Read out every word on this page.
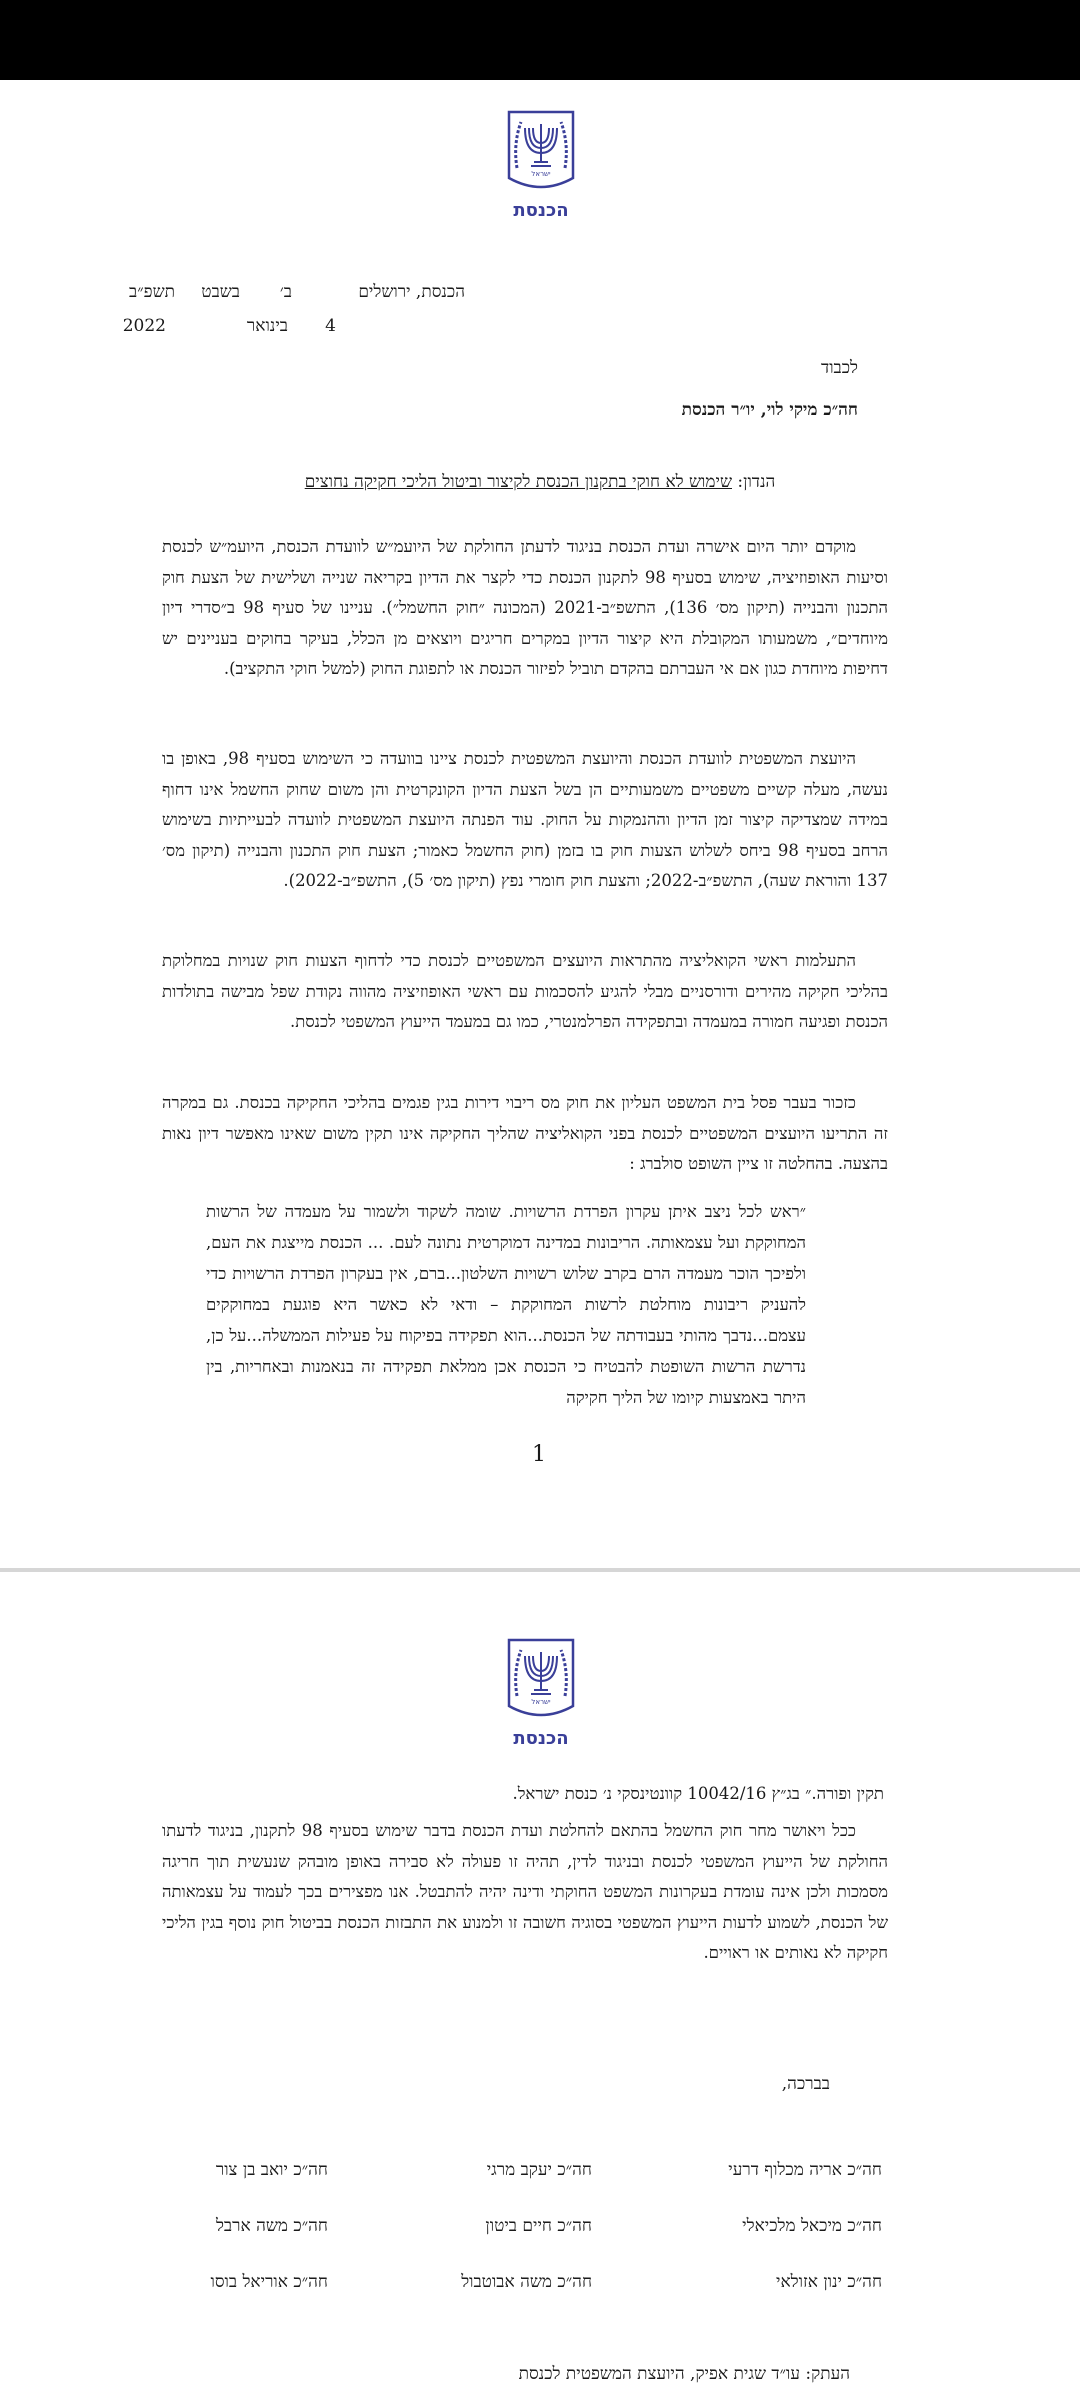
ישראל
הכנסת
הכנסת, ירושלים
ב׳
בשבט
תשפ״ב
4
בינואר
2022
לכבוד
חה״כ מיקי לוי, יו״ר הכנסת
הנדון: שימוש לא חוקי בתקנון הכנסת לקיצור וביטול הליכי חקיקה נחוצים
מוקדם יותר היום אישרה ועדת הכנסת בניגוד לדעתן החולקת של היועמ״ש לוועדת הכנסת, היועמ״ש לכנסת וסיעות האופוזיציה, שימוש בסעיף 98 לתקנון הכנסת כדי לקצר את הדיון בקריאה שנייה ושלישית של הצעת חוק התכנון והבנייה (תיקון מס׳ 136), התשפ״ב-2021 (המכונה ״חוק החשמל״). עניינו של סעיף 98 ב״סדרי דיון מיוחדים״, משמעותו המקובלת היא קיצור הדיון במקרים חריגים ויוצאים מן הכלל, בעיקר בחוקים בעניינים יש דחיפות מיוחדת כגון אם אי העברתם בהקדם תוביל לפיזור הכנסת או לתפוגת החוק (למשל חוקי התקציב).
היועצת המשפטית לוועדת הכנסת והיועצת המשפטית לכנסת ציינו בוועדה כי השימוש בסעיף 98, באופן בו נעשה, מעלה קשיים משפטיים משמעותיים הן בשל הצעת הדיון הקונקרטית והן משום שחוק החשמל אינו דחוף במידה שמצדיקה קיצור זמן הדיון וההנמקות על החוק. עוד הפנתה היועצת המשפטית לוועדה לבעייתיות בשימוש הרחב בסעיף 98 ביחס לשלוש הצעות חוק בו בזמן (חוק החשמל כאמור; הצעת חוק התכנון והבנייה (תיקון מס׳ 137 והוראת שעה), התשפ״ב-2022; והצעת חוק חומרי נפץ (תיקון מס׳ 5), התשפ״ב-2022).
התעלמות ראשי הקואליציה מהתראות היועצים המשפטיים לכנסת כדי לדחוף הצעות חוק שנויות במחלוקת בהליכי חקיקה מהירים ודורסניים מבלי להגיע להסכמות עם ראשי האופוזיציה מהווה נקודת שפל מבישה בתולדות הכנסת ופגיעה חמורה במעמדה ובתפקידה הפרלמנטרי, כמו גם במעמד הייעוץ המשפטי לכנסת.
כזכור בעבר פסל בית המשפט העליון את חוק מס ריבוי דירות בגין פגמים בהליכי החקיקה בכנסת. גם במקרה זה התריעו היועצים המשפטיים לכנסת בפני הקואליציה שהליך החקיקה אינו תקין משום שאינו מאפשר דיון נאות בהצעה. בהחלטה זו ציין השופט סולברג :
״ראש לכל ניצב איתן עקרון הפרדת הרשויות. שומה לשקוד ולשמור על מעמדה של הרשות המחוקקת ועל עצמאותה. הריבונות במדינה דמוקרטית נתונה לעם. ... הכנסת מייצגת את העם, ולפיכך הוכר מעמדה הרם בקרב שלוש רשויות השלטון...ברם, אין בעקרון הפרדת הרשויות כדי להעניק ריבונות מוחלטת לרשות המחוקקת – ודאי לא כאשר היא פוגעת במחוקקים עצמם...נדבך מהותי בעבודתה של הכנסת...הוא תפקידה בפיקוח על פעילות הממשלה...על כן, נדרשת הרשות השופטת להבטיח כי הכנסת אכן ממלאת תפקידה זה בנאמנות ובאחריות, בין היתר באמצעות קיומו של הליך חקיקה
1
ישראל
הכנסת
תקין ופורה.״ בג״ץ 10042/16 קוונטינסקי נ׳ כנסת ישראל.
ככל ויאושר מחר חוק החשמל בהתאם להחלטת ועדת הכנסת בדבר שימוש בסעיף 98 לתקנון, בניגוד לדעתו החולקת של הייעוץ המשפטי לכנסת ובניגוד לדין, תהיה זו פעולה לא סבירה באופן מובהק שנעשית תוך חריגה מסמכות ולכן אינה עומדת בעקרונות המשפט החוקתי ודינה יהיה להתבטל. אנו מפצירים בכך לעמוד על עצמאותה של הכנסת, לשמוע לדעות הייעוץ המשפטי בסוגיה חשובה זו ולמנוע את התבזות הכנסת בביטול חוק נוסף בגין הליכי חקיקה לא נאותים או ראויים.
בברכה,
חה״כ אריה מכלוף דרעי
חה״כ יעקב מרגי
חה״כ יואב בן צור
חה״כ מיכאל מלכיאלי
חה״כ חיים ביטון
חה״כ משה ארבל
חה״כ ינון אזולאי
חה״כ משה אבוטבול
חה״כ אוריאל בוסו
העתק: עו״ד שגית אפיק, היועצת המשפטית לכנסת
